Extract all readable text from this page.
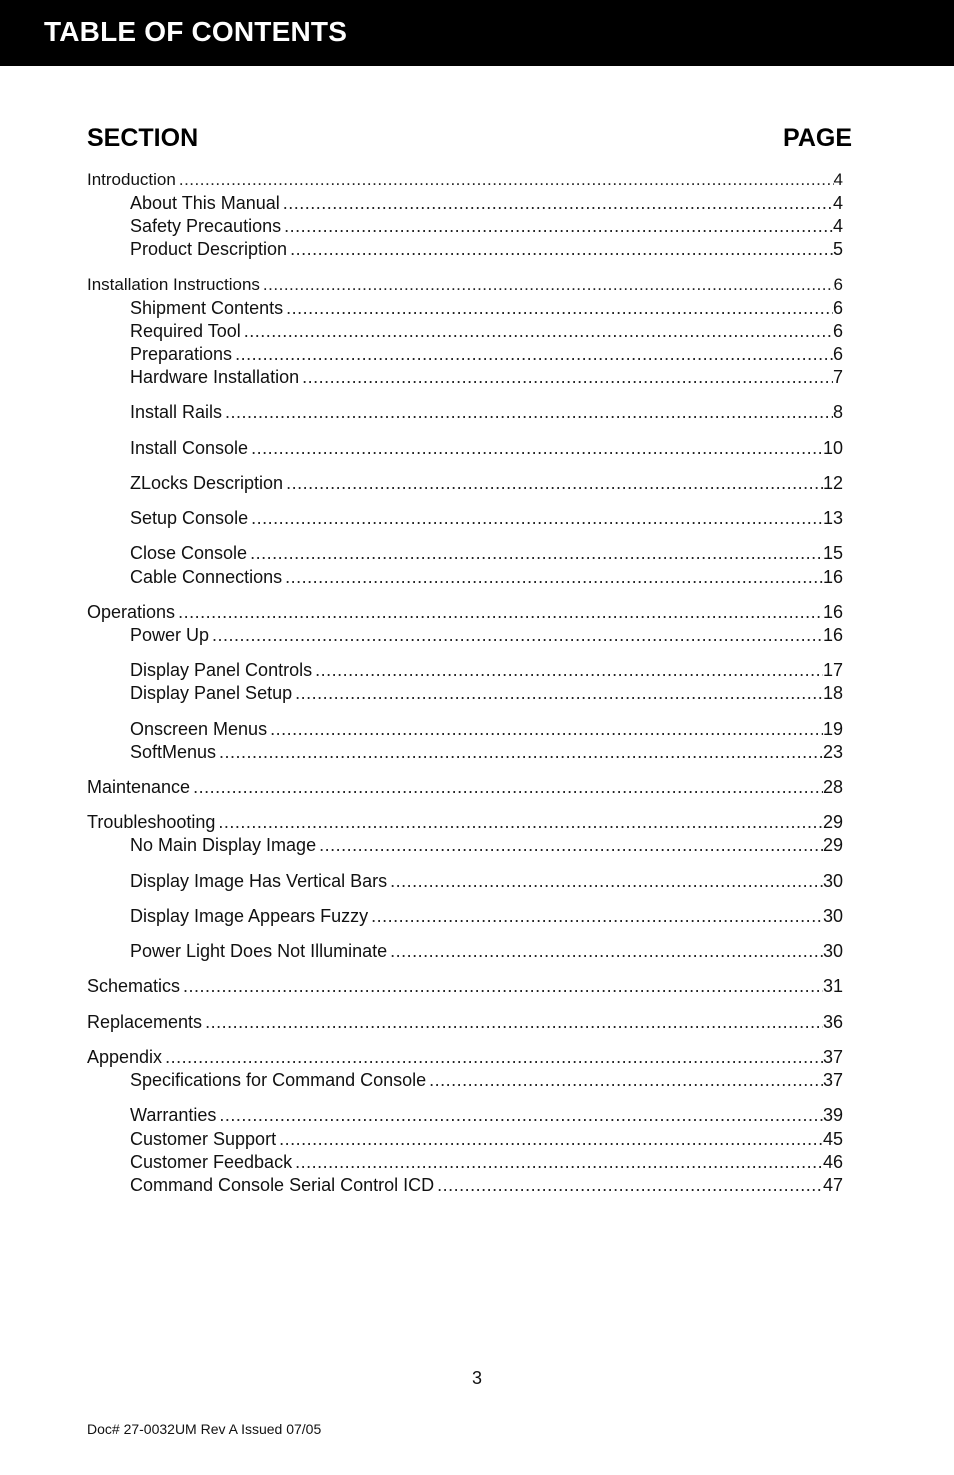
TABLE OF CONTENTS
SECTION	PAGE
Introduction .....	4
About This Manual .....	4
Safety Precautions .....	4
Product Description .....	5
Installation Instructions .....	6
Shipment Contents .....	6
Required Tool .....	6
Preparations .....	6
Hardware Installation .....	7
Install Rails .....	8
Install Console .....	10
ZLocks Description .....	12
Setup Console .....	13
Close Console .....	15
Cable Connections .....	16
Operations .....	16
Power Up .....	16
Display Panel Controls .....	17
Display Panel Setup .....	18
Onscreen Menus .....	19
SoftMenus .....	23
Maintenance .....	28
Troubleshooting .....	29
No Main Display Image .....	29
Display Image Has Vertical Bars .....	30
Display Image Appears Fuzzy .....	30
Power Light Does Not Illuminate .....	30
Schematics .....	31
Replacements .....	36
Appendix .....	37
Specifications for Command Console .....	37
Warranties .....	39
Customer Support .....	45
Customer Feedback .....	46
Command Console Serial Control ICD .....	47
3
Doc# 27-0032UM Rev A Issued 07/05
